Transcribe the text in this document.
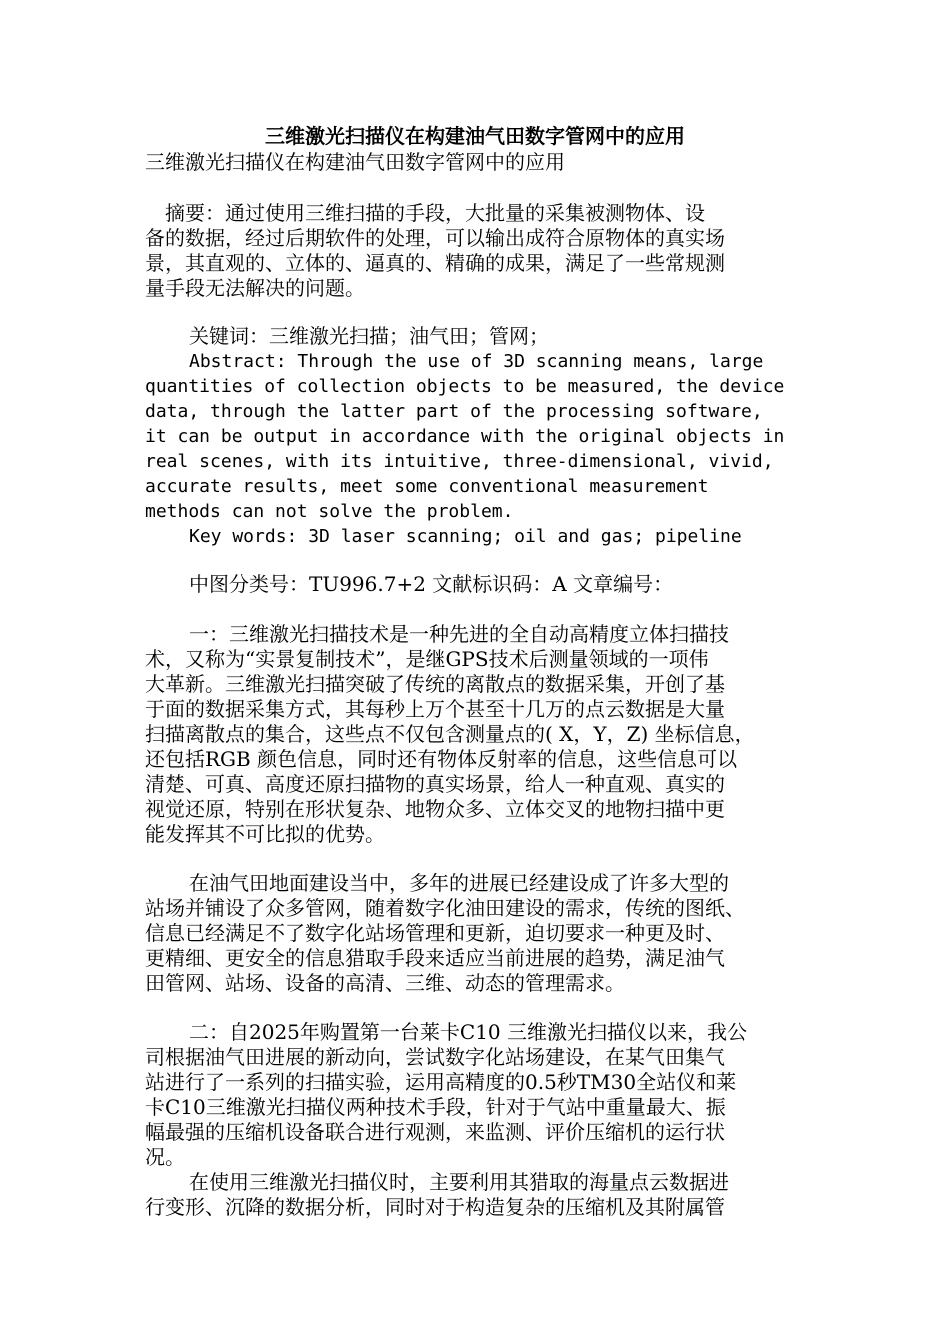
三维激光扫描仪在构建油气田数字管网中的应用
三维激光扫描仪在构建油气田数字管网中的应用
摘要：通过使用三维扫描的手段，大批量的采集被测物体、设
备的数据，经过后期软件的处理，可以输出成符合原物体的真实场
景，其直观的、立体的、逼真的、精确的成果，满足了一些常规测
量手段无法解决的问题。
关键词：三维激光扫描；油气田；管网；
Abstract: Through the use of 3D scanning means, large
quantities of collection objects to be measured, the device
data, through the latter part of the processing software,
it can be output in accordance with the original objects in
real scenes, with its intuitive, three-dimensional, vivid,
accurate results, meet some conventional measurement
methods can not solve the problem.
Key words: 3D laser scanning; oil and gas; pipeline
中图分类号：TU996.7+2 文献标识码：A 文章编号：
一：三维激光扫描技术是一种先进的全自动高精度立体扫描技
术，又称为“实景复制技术”，是继GPS技术后测量领域的一项伟
大革新。三维激光扫描突破了传统的离散点的数据采集，开创了基
于面的数据采集方式，其每秒上万个甚至十几万的点云数据是大量
扫描离散点的集合，这些点不仅包含测量点的( X，Y，Z) 坐标信息，
还包括RGB 颜色信息，同时还有物体反射率的信息，这些信息可以
清楚、可真、高度还原扫描物的真实场景，给人一种直观、真实的
视觉还原，特别在形状复杂、地物众多、立体交叉的地物扫描中更
能发挥其不可比拟的优势。
在油气田地面建设当中，多年的进展已经建设成了许多大型的
站场并铺设了众多管网，随着数字化油田建设的需求，传统的图纸、
信息已经满足不了数字化站场管理和更新，迫切要求一种更及时、
更精细、更安全的信息猎取手段来适应当前进展的趋势，满足油气
田管网、站场、设备的高清、三维、动态的管理需求。
二：自2025年购置第一台莱卡C10 三维激光扫描仪以来，我公
司根据油气田进展的新动向，尝试数字化站场建设，在某气田集气
站进行了一系列的扫描实验，运用高精度的0.5秒TM30全站仪和莱
卡C10三维激光扫描仪两种技术手段，针对于气站中重量最大、振
幅最强的压缩机设备联合进行观测，来监测、评价压缩机的运行状
况。
在使用三维激光扫描仪时，主要利用其猎取的海量点云数据进
行变形、沉降的数据分析，同时对于构造复杂的压缩机及其附属管
